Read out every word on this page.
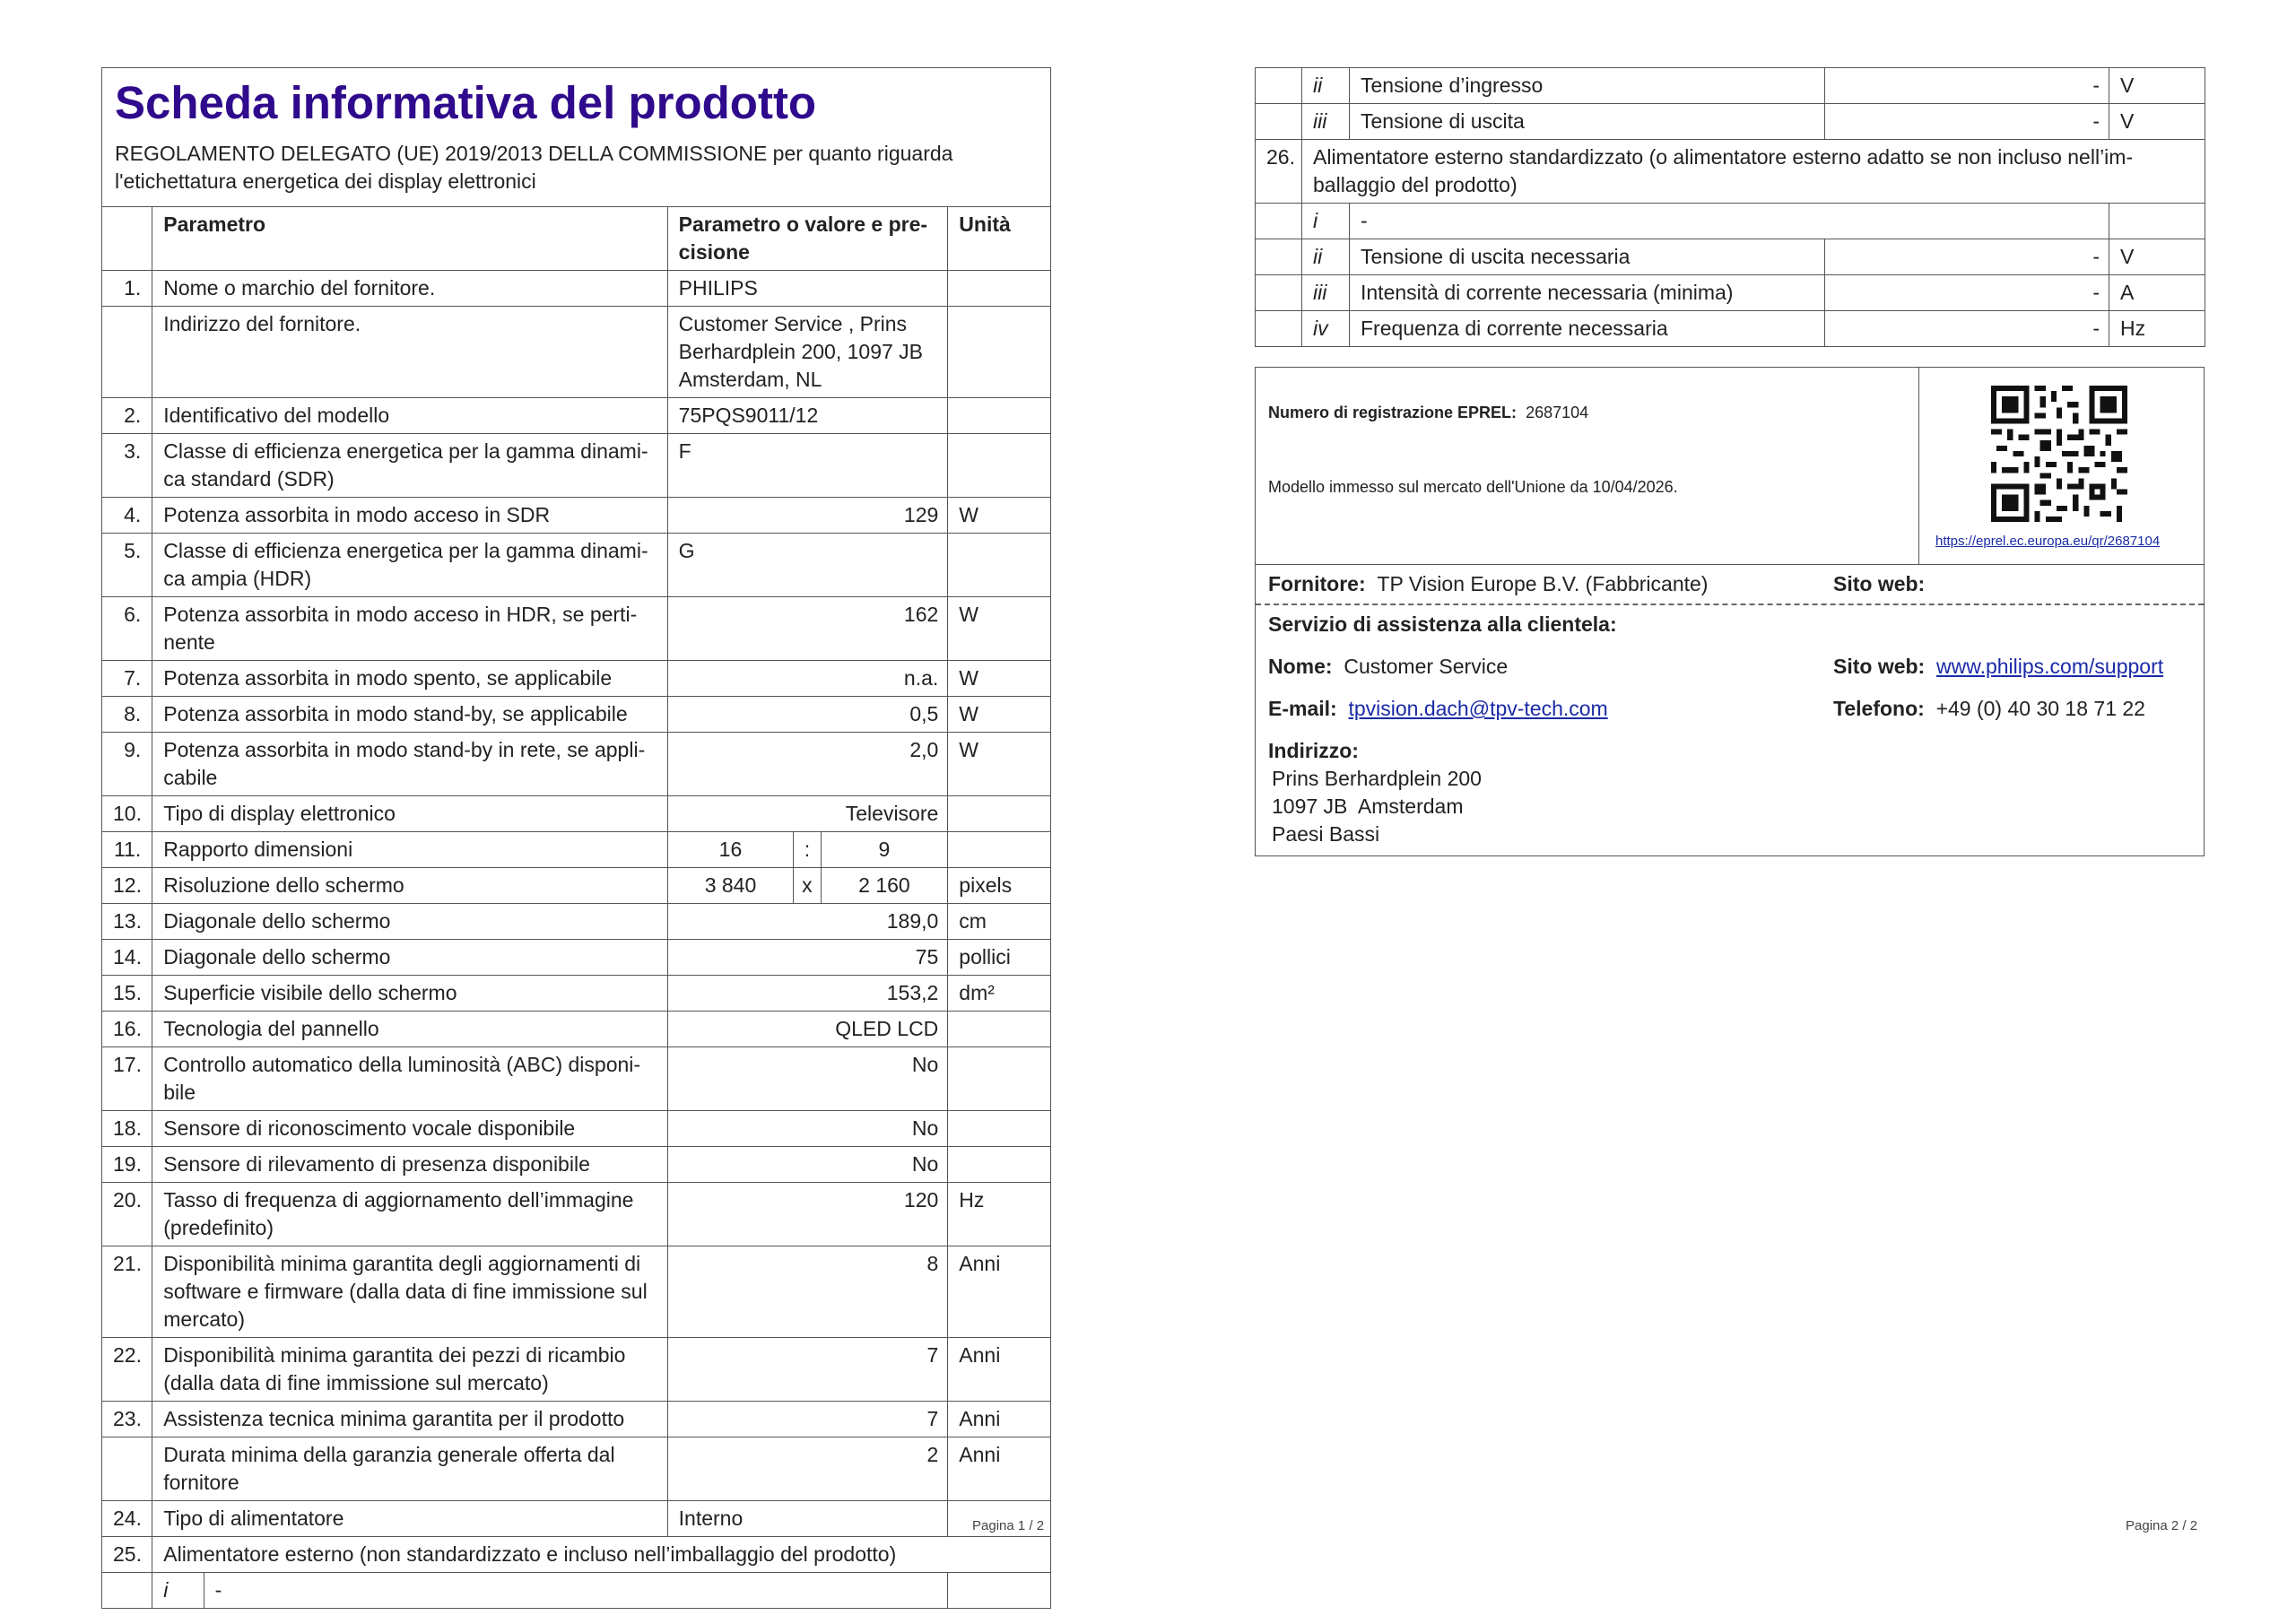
Scheda informativa del prodotto
REGOLAMENTO DELEGATO (UE) 2019/2013 DELLA COMMISSIONE per quanto riguarda l'etichettatura energetica dei display elettronici
	Parametro		Parametro o valore e precisione			Unità
1.	Nome o marchio del fornitore.		PHILIPS			
	Indirizzo del fornitore.		Customer Service , Prins Berhardplein 200, 1097 JB Amsterdam, NL			
2.	Identificativo del modello		75PQS9011/12			
3.	Classe di efficienza energetica per la gamma dinamica standard (SDR)		F			
4.	Potenza assorbita in modo acceso in SDR		129			W
5.	Classe di efficienza energetica per la gamma dinamica ampia (HDR)		G			
6.	Potenza assorbita in modo acceso in HDR, se pertinente		162			W
7.	Potenza assorbita in modo spento, se applicabile		n.a.			W
8.	Potenza assorbita in modo stand-by, se applicabile		0,5			W
9.	Potenza assorbita in modo stand-by in rete, se applicabile		2,0			W
10.	Tipo di display elettronico		Televisore			
11.	Rapporto dimensioni		16	:	9	
12.	Risoluzione dello schermo		3 840	x	2 160	pixels
13.	Diagonale dello schermo		189,0			cm
14.	Diagonale dello schermo		75			pollici
15.	Superficie visibile dello schermo		153,2			dm²
16.	Tecnologia del pannello		QLED LCD			
17.	Controllo automatico della luminosità (ABC) disponibile		No			
18.	Sensore di riconoscimento vocale disponibile		No			
19.	Sensore di rilevamento di presenza disponibile		No			
20.	Tasso di frequenza di aggiornamento dell’immagine (predefinito)		120			Hz
21.	Disponibilità minima garantita degli aggiornamenti di software e firmware (dalla data di fine immissione sul mercato)		8			Anni
22.	Disponibilità minima garantita dei pezzi di ricambio (dalla data di fine immissione sul mercato)		7			Anni
23.	Assistenza tecnica minima garantita per il prodotto		7			Anni
	Durata minima della garanzia generale offerta dal fornitore		2			Anni
24.	Tipo di alimentatore		Interno			
25.	Alimentatore esterno (non standardizzato e incluso nell’imballaggio del prodotto)					
	i	-				
Pagina 1 / 2
	ii	Tensione d’ingresso	-	V
	iii	Tensione di uscita	-	V
26.	Alimentatore esterno standardizzato (o alimentatore esterno adatto se non incluso nell’imballaggio del prodotto)			
	i	-		
	ii	Tensione di uscita necessaria	-	V
	iii	Intensità di corrente necessaria (minima)	-	A
	iv	Frequenza di corrente necessaria	-	Hz
Numero di registrazione EPREL: 2687104
Modello immesso sul mercato dell'Unione da 10/04/2026.
https://eprel.ec.europa.eu/qr/2687104
Fornitore: TP Vision Europe B.V. (Fabbricante)	Sito web:
Servizio di assistenza alla clientela:
Nome: Customer Service	Sito web: www.philips.com/support
E-mail: tpvision.dach@tpv-tech.com	Telefono: +49 (0) 40 30 18 71 22
Indirizzo:
Prins Berhardplein 200
1097 JB  Amsterdam
Paesi Bassi
Pagina 2 / 2
